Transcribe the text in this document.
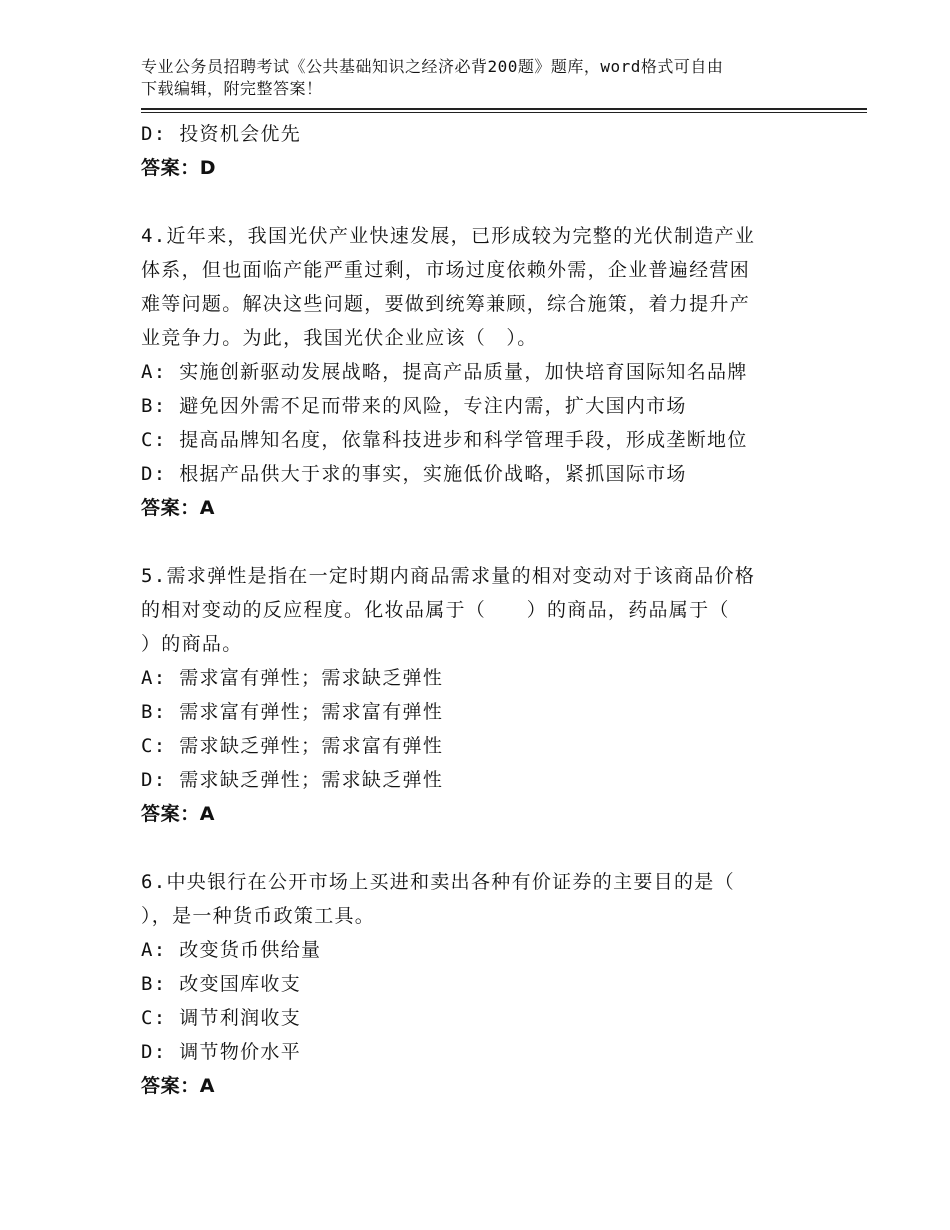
专业公务员招聘考试《公共基础知识之经济必背200题》题库，word格式可自由
下载编辑，附完整答案！
D: 投资机会优先
答案：D
4.近年来，我国光伏产业快速发展，已形成较为完整的光伏制造产业
体系，但也面临产能严重过剩，市场过度依赖外需，企业普遍经营困
难等问题。解决这些问题，要做到统筹兼顾，综合施策，着力提升产
业竞争力。为此，我国光伏企业应该（　）。
A: 实施创新驱动发展战略，提高产品质量，加快培育国际知名品牌
B: 避免因外需不足而带来的风险，专注内需，扩大国内市场
C: 提高品牌知名度，依靠科技进步和科学管理手段，形成垄断地位
D: 根据产品供大于求的事实，实施低价战略，紧抓国际市场
答案：A
5.需求弹性是指在一定时期内商品需求量的相对变动对于该商品价格
的相对变动的反应程度。化妆品属于（　　）的商品，药品属于（
）的商品。
A: 需求富有弹性；需求缺乏弹性
B: 需求富有弹性；需求富有弹性
C: 需求缺乏弹性；需求富有弹性
D: 需求缺乏弹性；需求缺乏弹性
答案：A
6.中央银行在公开市场上买进和卖出各种有价证券的主要目的是（
），是一种货币政策工具。
A: 改变货币供给量
B: 改变国库收支
C: 调节利润收支
D: 调节物价水平
答案：A
